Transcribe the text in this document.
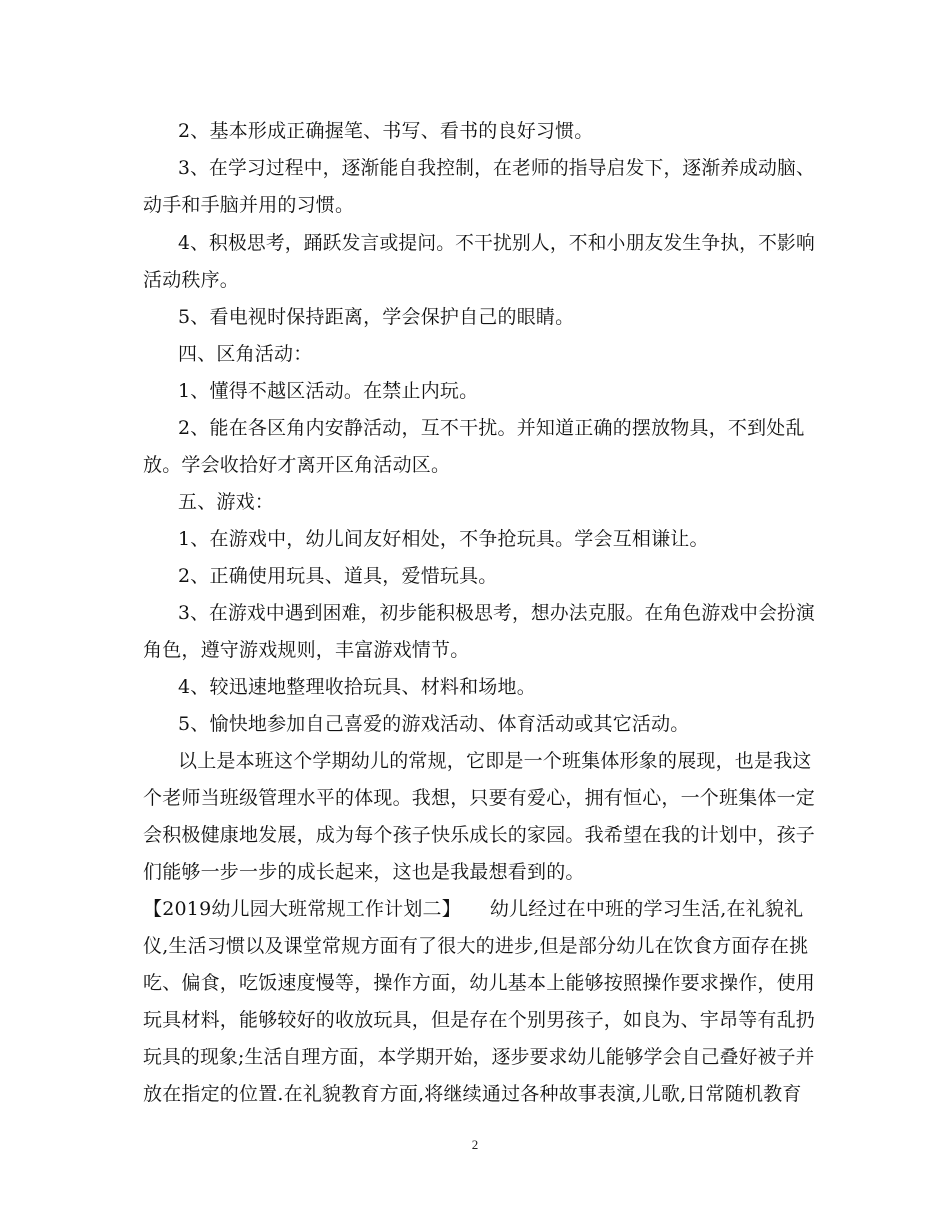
2、基本形成正确握笔、书写、看书的良好习惯。
3、在学习过程中，逐渐能自我控制，在老师的指导启发下，逐渐养成动脑、
动手和手脑并用的习惯。
4、积极思考，踊跃发言或提问。不干扰别人，不和小朋友发生争执，不影响
活动秩序。
5、看电视时保持距离，学会保护自己的眼睛。
四、区角活动：
1、懂得不越区活动。在禁止内玩。
2、能在各区角内安静活动，互不干扰。并知道正确的摆放物具，不到处乱
放。学会收拾好才离开区角活动区。
五、游戏：
1、在游戏中，幼儿间友好相处，不争抢玩具。学会互相谦让。
2、正确使用玩具、道具，爱惜玩具。
3、在游戏中遇到困难，初步能积极思考，想办法克服。在角色游戏中会扮演
角色，遵守游戏规则，丰富游戏情节。
4、较迅速地整理收拾玩具、材料和场地。
5、愉快地参加自己喜爱的游戏活动、体育活动或其它活动。
以上是本班这个学期幼儿的常规，它即是一个班集体形象的展现，也是我这
个老师当班级管理水平的体现。我想，只要有爱心，拥有恒心，一个班集体一定
会积极健康地发展，成为每个孩子快乐成长的家园。我希望在我的计划中，孩子
们能够一步一步的成长起来，这也是我最想看到的。
【2019幼儿园大班常规工作计划二】　　幼儿经过在中班的学习生活,在礼貌礼
仪,生活习惯以及课堂常规方面有了很大的进步,但是部分幼儿在饮食方面存在挑
吃、偏食，吃饭速度慢等，操作方面，幼儿基本上能够按照操作要求操作，使用
玩具材料，能够较好的收放玩具，但是存在个别男孩子，如良为、宇昂等有乱扔
玩具的现象;生活自理方面，本学期开始，逐步要求幼儿能够学会自己叠好被子并
放在指定的位置.在礼貌教育方面,将继续通过各种故事表演,儿歌,日常随机教育
2
